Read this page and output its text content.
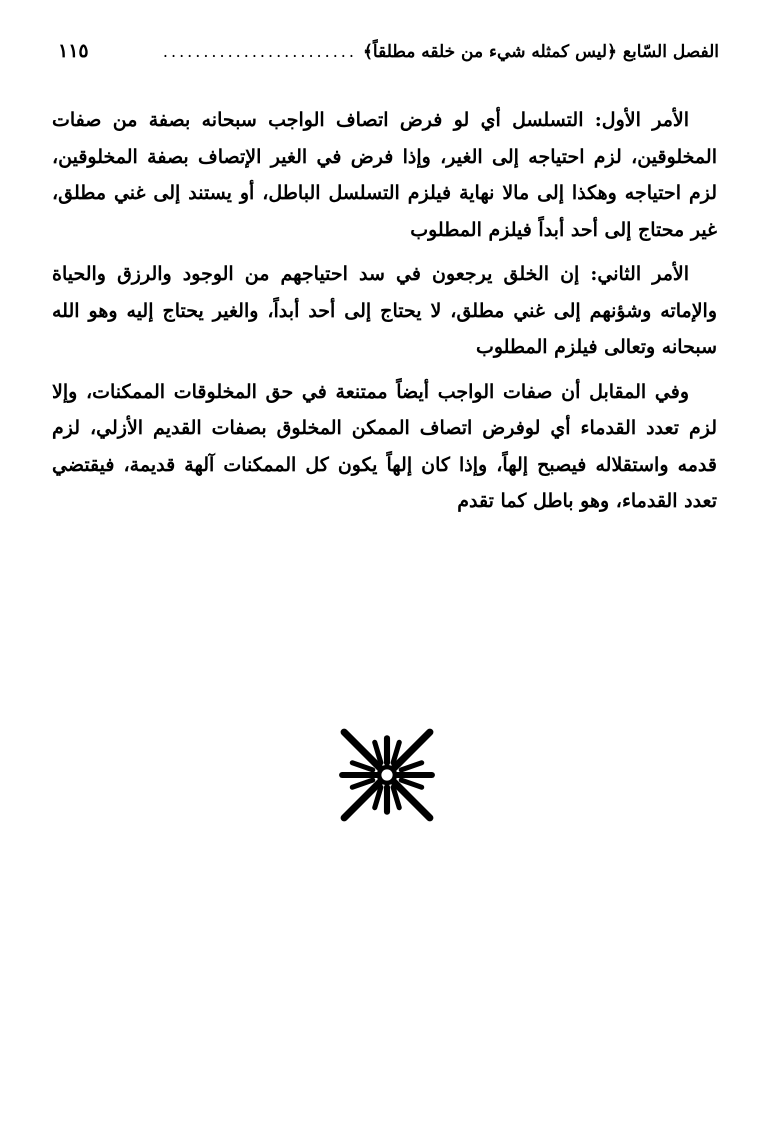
الفصل السّابع ﴿ليس كمثله شيء من خلقه مطلقاً﴾
........................
١١٥

الأمر الأول: التسلسل أي لو فرض اتصاف الواجب سبحانه بصفة من صفات المخلوقين، لزم احتياجه إلى الغير، وإذا فرض في الغير الإتصاف بصفة المخلوقين، لزم احتياجه وهكذا إلى مالا نهاية فيلزم التسلسل الباطل، أو يستند إلى غني مطلق، غير محتاج إلى أحد أبداً فيلزم المطلوب

الأمر الثاني: إن الخلق يرجعون في سد احتياجهم من الوجود والرزق والحياة والإماته وشؤنهم إلى غني مطلق، لا يحتاج إلى أحد أبداً، والغير يحتاج إليه وهو الله سبحانه وتعالى فيلزم المطلوب

وفي المقابل أن صفات الواجب أيضاً ممتنعة في حق المخلوقات الممكنات، وإلا لزم تعدد القدماء أي لوفرض اتصاف الممكن المخلوق بصفات القديم الأزلي، لزم قدمه واستقلاله فيصبح إلهاً، وإذا كان إلهاً يكون كل الممكنات آلهة قديمة، فيقتضي تعدد القدماء، وهو باطل كما تقدم
